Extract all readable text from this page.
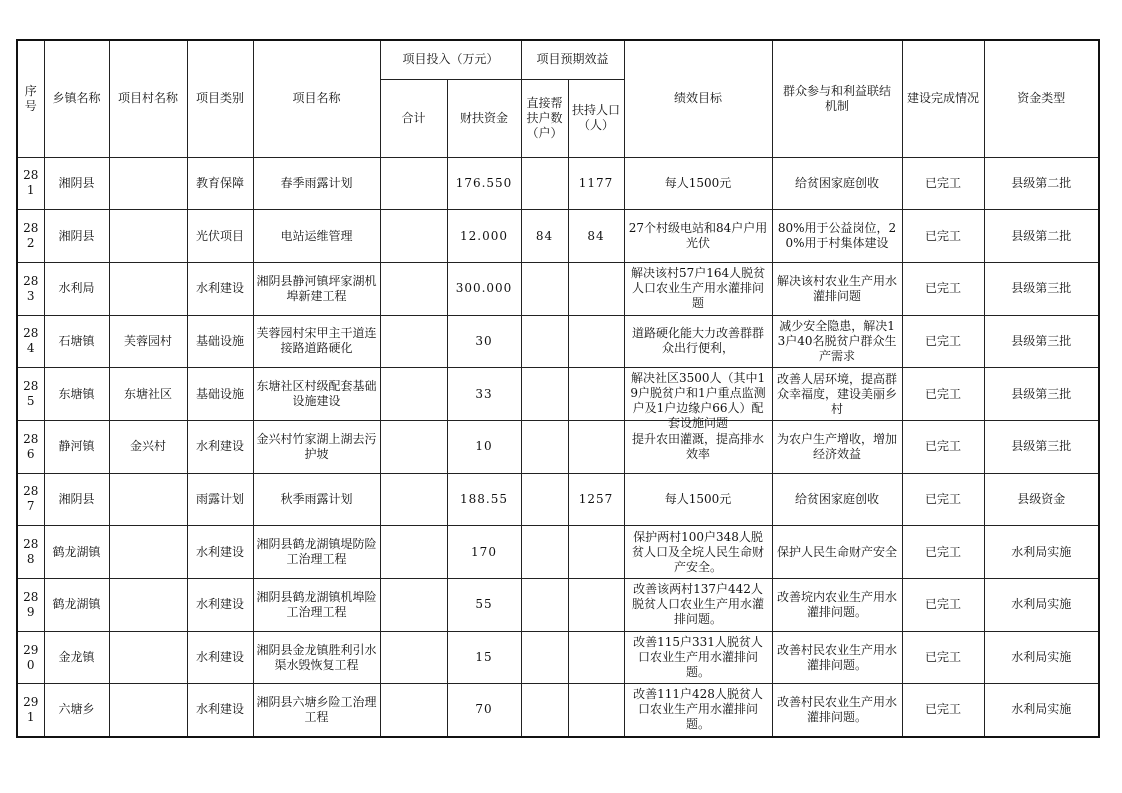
序号	乡镇名称	项目村名称	项目类别	项目名称	项目投入（万元）		项目预期效益		绩效目标	群众参与和利益联结机制	建设完成情况	资金类型
					合计	财扶资金	直接帮扶户数（户）	扶持人口（人）				
281	湘阴县		教育保障	春季雨露计划		176.550		1177	每人1500元	给贫困家庭创收	已完工	县级第二批
282	湘阴县		光伏项目	电站运维管理		12.000	84	84	27个村级电站和84户户用光伏	80%用于公益岗位，20%用于村集体建设	已完工	县级第二批
283	水利局		水利建设	湘阴县静河镇坪家湖机埠新建工程		300.000			解决该村57户164人脱贫人口农业生产用水灌排问题	解决该村农业生产用水灌排问题	已完工	县级第三批
284	石塘镇	芙蓉园村	基础设施	芙蓉园村宋甲主干道连接路道路硬化		30			道路硬化能大力改善群群众出行便利，	减少安全隐患，解决13户40名脱贫户群众生产需求	已完工	县级第三批
285	东塘镇	东塘社区	基础设施	东塘社区村级配套基础设施建设		33			解决社区3500人（其中19户脱贫户和1户重点监测户及1户边缘户66人）配套设施问题	改善人居环境，提高群众幸福度，建设美丽乡村	已完工	县级第三批
286	静河镇	金兴村	水利建设	金兴村竹家湖上湖去污护坡		10			提升农田灌溉，提高排水效率	为农户生产增收，增加经济效益	已完工	县级第三批
287	湘阴县		雨露计划	秋季雨露计划		188.55		1257	每人1500元	给贫困家庭创收	已完工	县级资金
288	鹤龙湖镇		水利建设	湘阴县鹤龙湖镇堤防险工治理工程		170			保护两村100户348人脱贫人口及全垸人民生命财产安全。	保护人民生命财产安全	已完工	水利局实施
289	鹤龙湖镇		水利建设	湘阴县鹤龙湖镇机埠险工治理工程		55			改善该两村137户442人脱贫人口农业生产用水灌排问题。	改善垸内农业生产用水灌排问题。	已完工	水利局实施
290	金龙镇		水利建设	湘阴县金龙镇胜利引水渠水毁恢复工程		15			改善115户331人脱贫人口农业生产用水灌排问题。	改善村民农业生产用水灌排问题。	已完工	水利局实施
291	六塘乡		水利建设	湘阴县六塘乡险工治理工程		70			改善111户428人脱贫人口农业生产用水灌排问题。	改善村民农业生产用水灌排问题。	已完工	水利局实施
